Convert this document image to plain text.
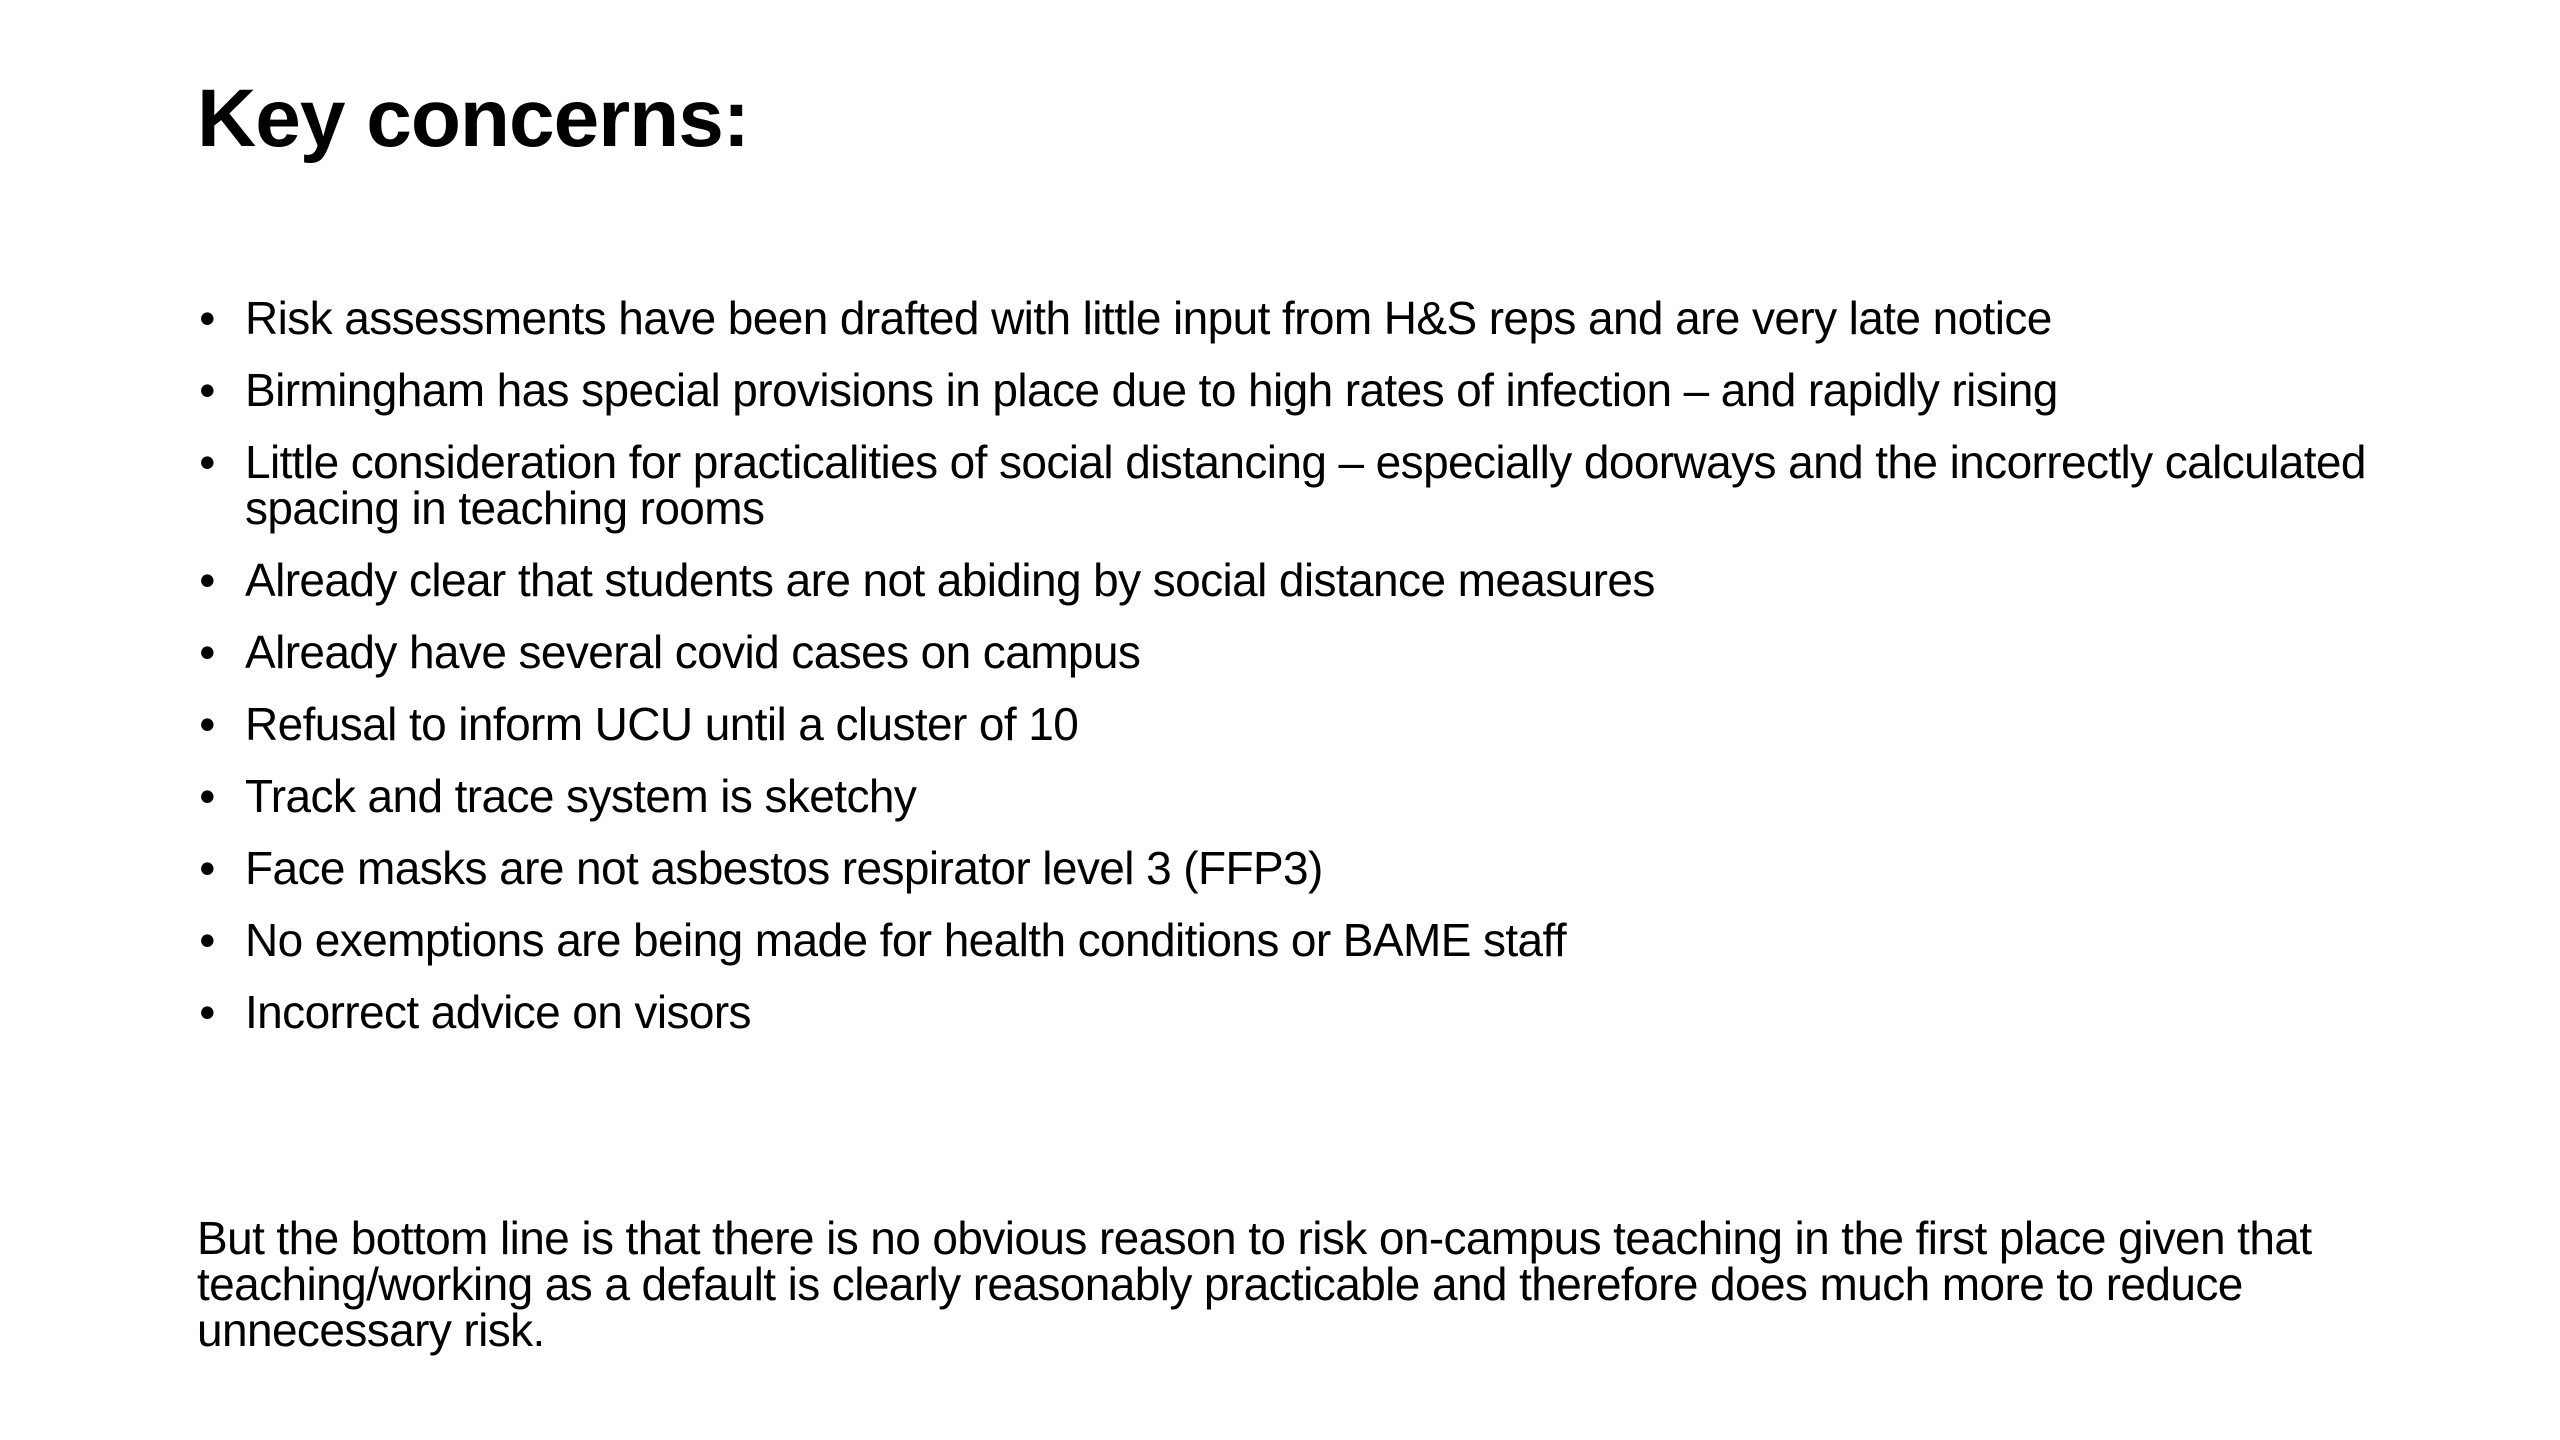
Key concerns:
• Risk assessments have been drafted with little input from H&S reps and are very late notice
• Birmingham has special provisions in place due to high rates of infection – and rapidly rising
• Little consideration for practicalities of social distancing – especially doorways and the incorrectly calculated spacing in teaching rooms
• Already clear that students are not abiding by social distance measures
• Already have several covid cases on campus
• Refusal to inform UCU until a cluster of 10
• Track and trace system is sketchy
• Face masks are not asbestos respirator level 3 (FFP3)
• No exemptions are being made for health conditions or BAME staff
• Incorrect advice on visors

But the bottom line is that there is no obvious reason to risk on-campus teaching in the first place given that teaching/working as a default is clearly reasonably practicable and therefore does much more to reduce unnecessary risk.
